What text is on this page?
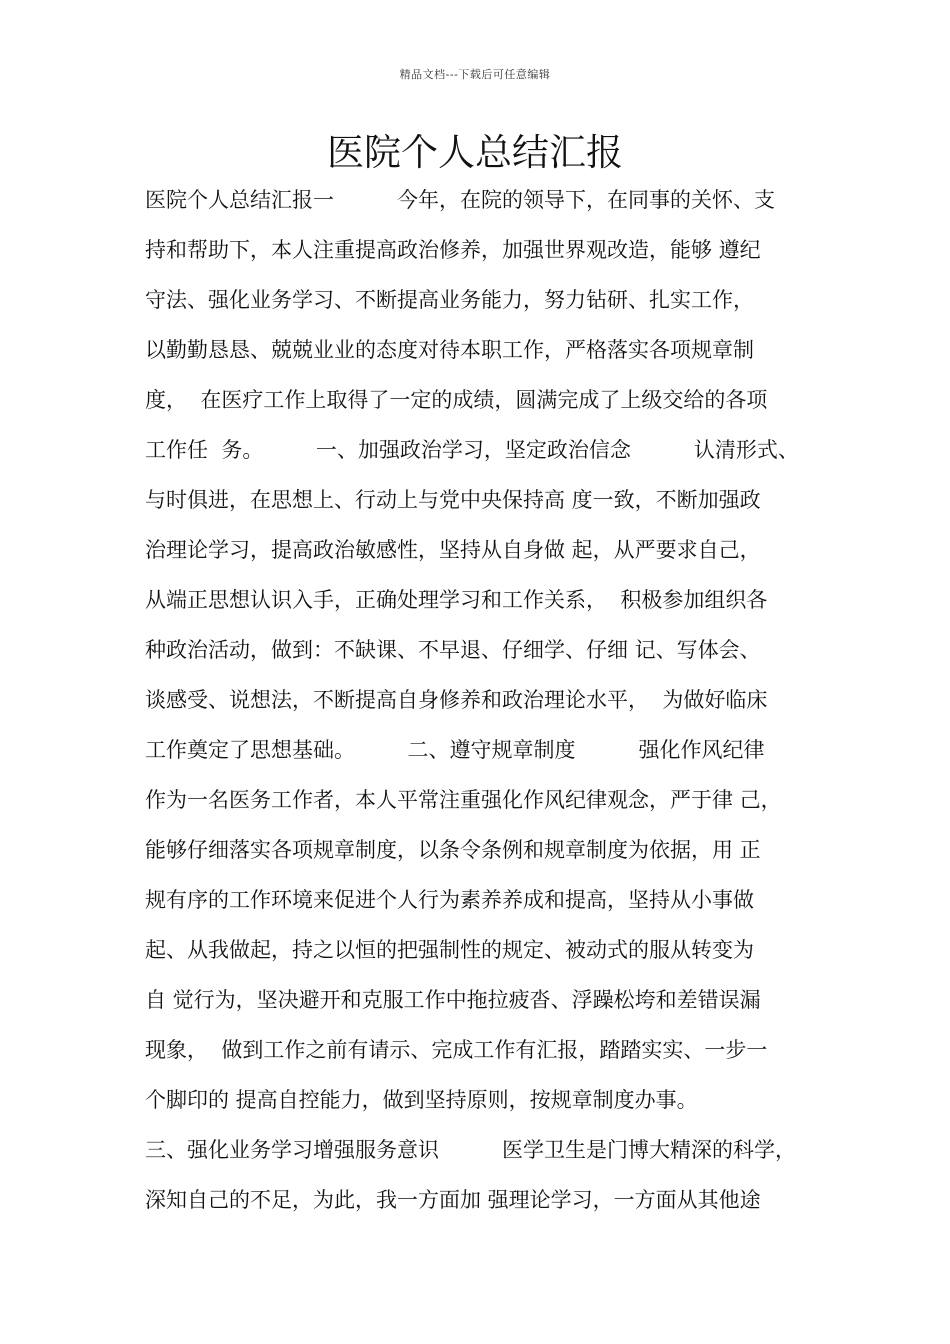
精品文档---下载后可任意编辑
医院个人总结汇报
医院个人总结汇报一　　　今年，在院的领导下，在同事的关怀、支
持和帮助下，本人注重提高政治修养，加强世界观改造，能够 遵纪
守法、强化业务学习、不断提高业务能力，努力钻研、扎实工作，
以勤勤恳恳、兢兢业业的态度对待本职工作，严格落实各项规章制
度，  在医疗工作上取得了一定的成绩，圆满完成了上级交给的各项
工作任  务。　　　一、加强政治学习，坚定政治信念　　　认清形式、
与时俱进，在思想上、行动上与党中央保持高 度一致，不断加强政
治理论学习，提高政治敏感性，坚持从自身做 起，从严要求自己，
从端正思想认识入手，正确处理学习和工作关系，  积极参加组织各
种政治活动，做到：不缺课、不早退、仔细学、仔细 记、写体会、
谈感受、说想法，不断提高自身修养和政治理论水平，  为做好临床
工作奠定了思想基础。　　　二、遵守规章制度　　　强化作风纪律
作为一名医务工作者，本人平常注重强化作风纪律观念，严于律 己，
能够仔细落实各项规章制度，以条令条例和规章制度为依据，用 正
规有序的工作环境来促进个人行为素养养成和提高，坚持从小事做
起、从我做起，持之以恒的把强制性的规定、被动式的服从转变为
自 觉行为，坚决避开和克服工作中拖拉疲沓、浮躁松垮和差错误漏
现象，  做到工作之前有请示、完成工作有汇报，踏踏实实、一步一
个脚印的 提高自控能力，做到坚持原则，按规章制度办事。
三、强化业务学习增强服务意识　　　医学卫生是门博大精深的科学，
深知自己的不足，为此，我一方面加 强理论学习，一方面从其他途
